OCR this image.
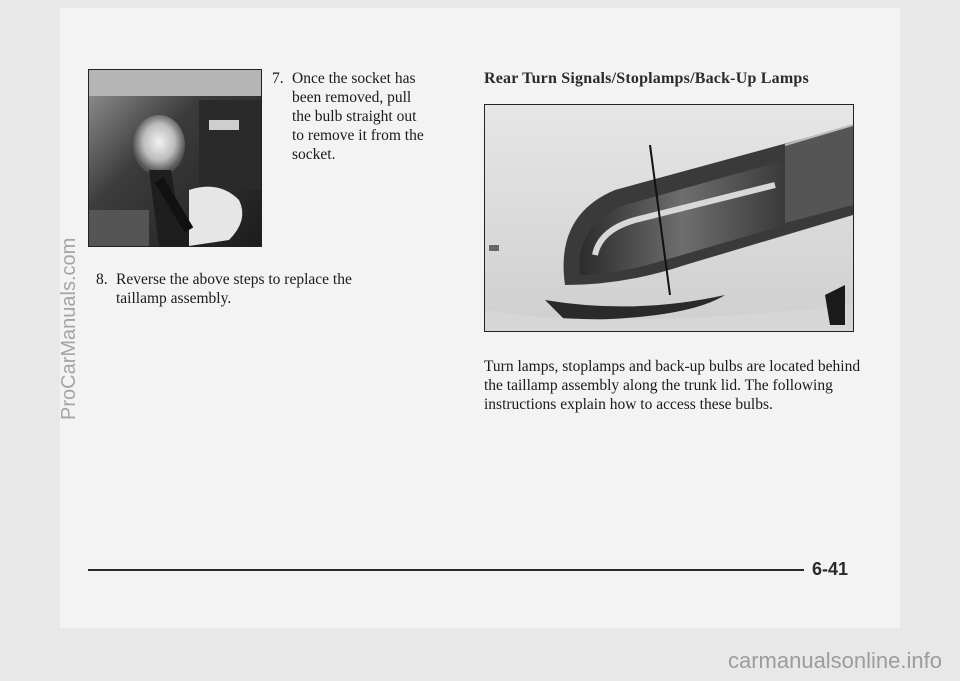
7. Once the socket has been removed, pull the bulb straight out to remove it from the socket.
8. Reverse the above steps to replace the taillamp assembly.
Rear Turn Signals/Stoplamps/Back-Up Lamps
Turn lamps, stoplamps and back-up bulbs are located behind the taillamp assembly along the trunk lid. The following instructions explain how to access these bulbs.
6-41
ProCarManuals.com
carmanualsonline.info
